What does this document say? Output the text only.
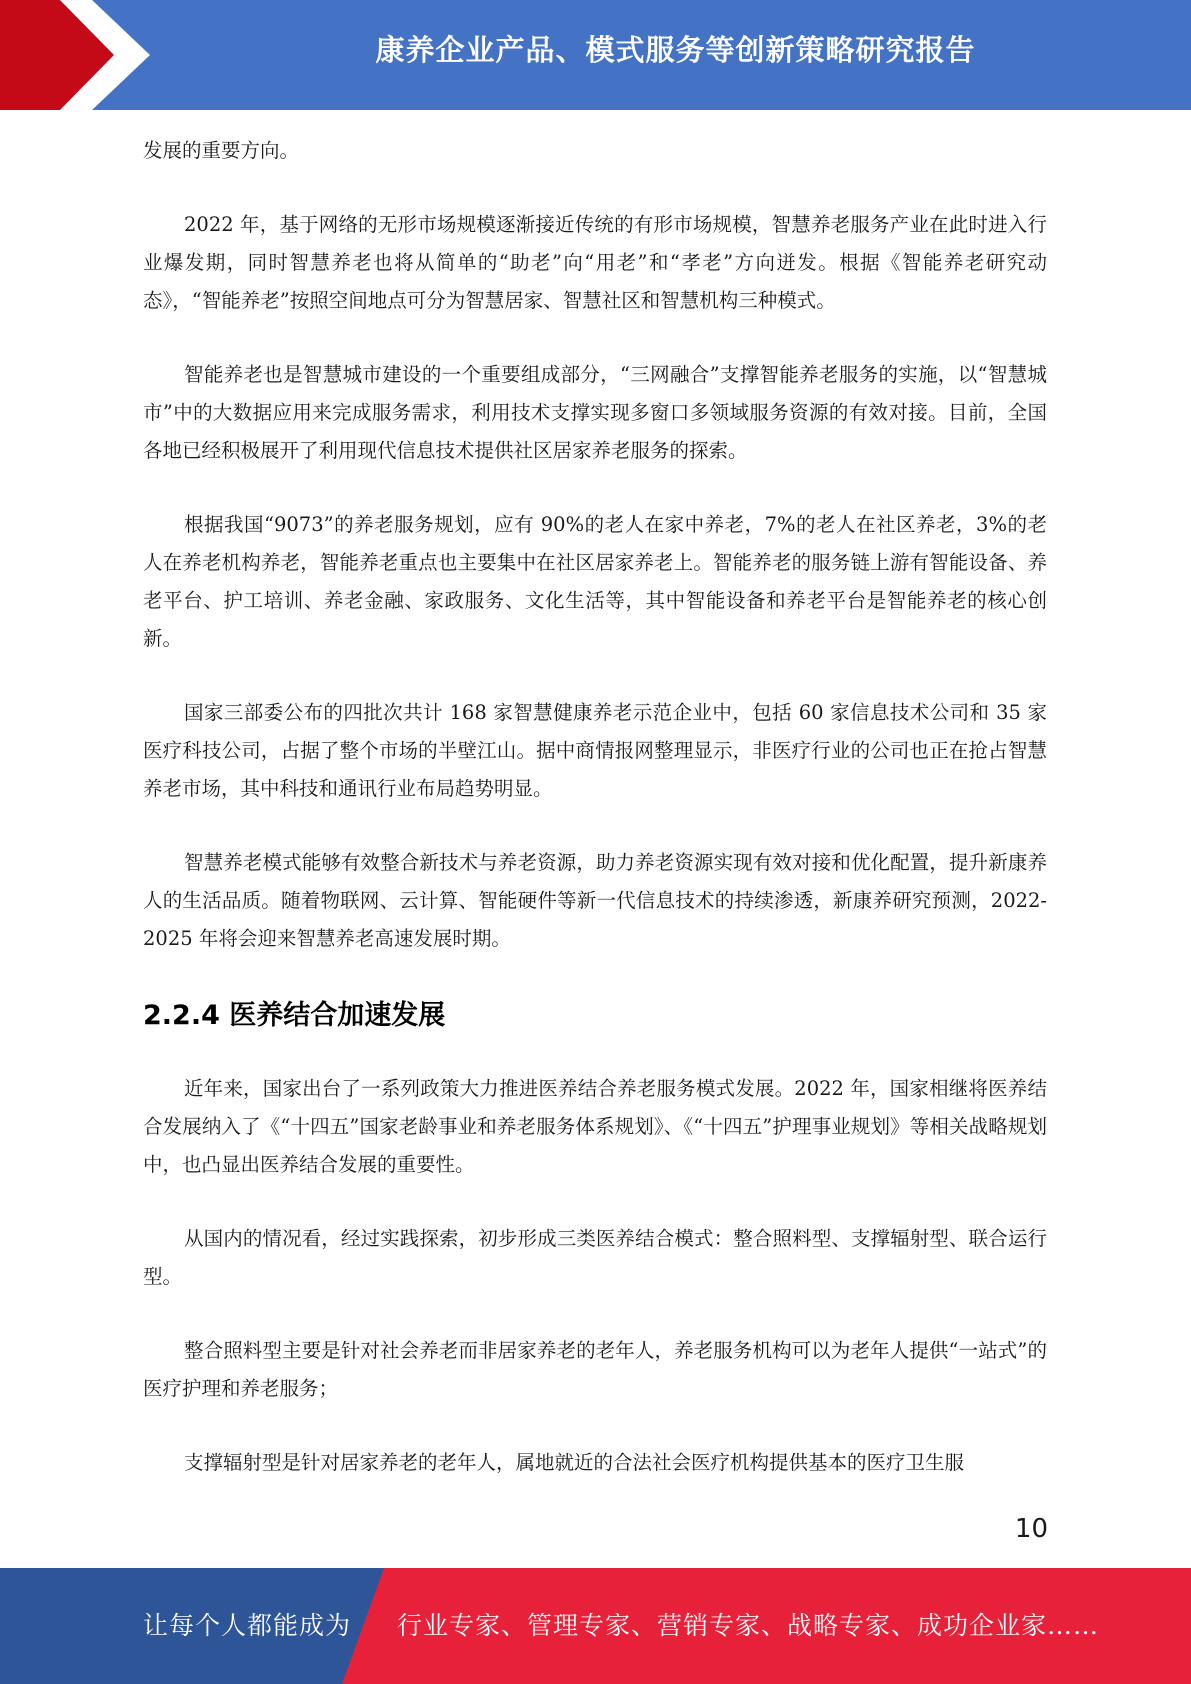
康养企业产品、模式服务等创新策略研究报告

发展的重要方向。

2022 年，基于网络的无形市场规模逐渐接近传统的有形市场规模，智慧养老服务产业在此时进入行业爆发期，同时智慧养老也将从简单的“助老”向“用老”和“孝老”方向迸发。根据《智能养老研究动态》，“智能养老”按照空间地点可分为智慧居家、智慧社区和智慧机构三种模式。

智能养老也是智慧城市建设的一个重要组成部分，“三网融合”支撑智能养老服务的实施，以“智慧城市”中的大数据应用来完成服务需求，利用技术支撑实现多窗口多领域服务资源的有效对接。目前，全国各地已经积极展开了利用现代信息技术提供社区居家养老服务的探索。

根据我国“9073”的养老服务规划，应有 90%的老人在家中养老，7%的老人在社区养老，3%的老人在养老机构养老，智能养老重点也主要集中在社区居家养老上。智能养老的服务链上游有智能设备、养老平台、护工培训、养老金融、家政服务、文化生活等，其中智能设备和养老平台是智能养老的核心创新。

国家三部委公布的四批次共计 168 家智慧健康养老示范企业中，包括 60 家信息技术公司和 35 家医疗科技公司，占据了整个市场的半壁江山。据中商情报网整理显示，非医疗行业的公司也正在抢占智慧养老市场，其中科技和通讯行业布局趋势明显。

智慧养老模式能够有效整合新技术与养老资源，助力养老资源实现有效对接和优化配置，提升新康养人的生活品质。随着物联网、云计算、智能硬件等新一代信息技术的持续渗透，新康养研究预测，2022-2025 年将会迎来智慧养老高速发展时期。

2.2.4 医养结合加速发展

近年来，国家出台了一系列政策大力推进医养结合养老服务模式发展。2022 年，国家相继将医养结合发展纳入了《“十四五”国家老龄事业和养老服务体系规划》、《“十四五”护理事业规划》等相关战略规划中，也凸显出医养结合发展的重要性。

从国内的情况看，经过实践探索，初步形成三类医养结合模式：整合照料型、支撑辐射型、联合运行型。

整合照料型主要是针对社会养老而非居家养老的老年人，养老服务机构可以为老年人提供“一站式”的医疗护理和养老服务；

支撑辐射型是针对居家养老的老年人，属地就近的合法社会医疗机构提供基本的医疗卫生服

10
让每个人都能成为 行业专家、管理专家、营销专家、战略专家、成功企业家……
